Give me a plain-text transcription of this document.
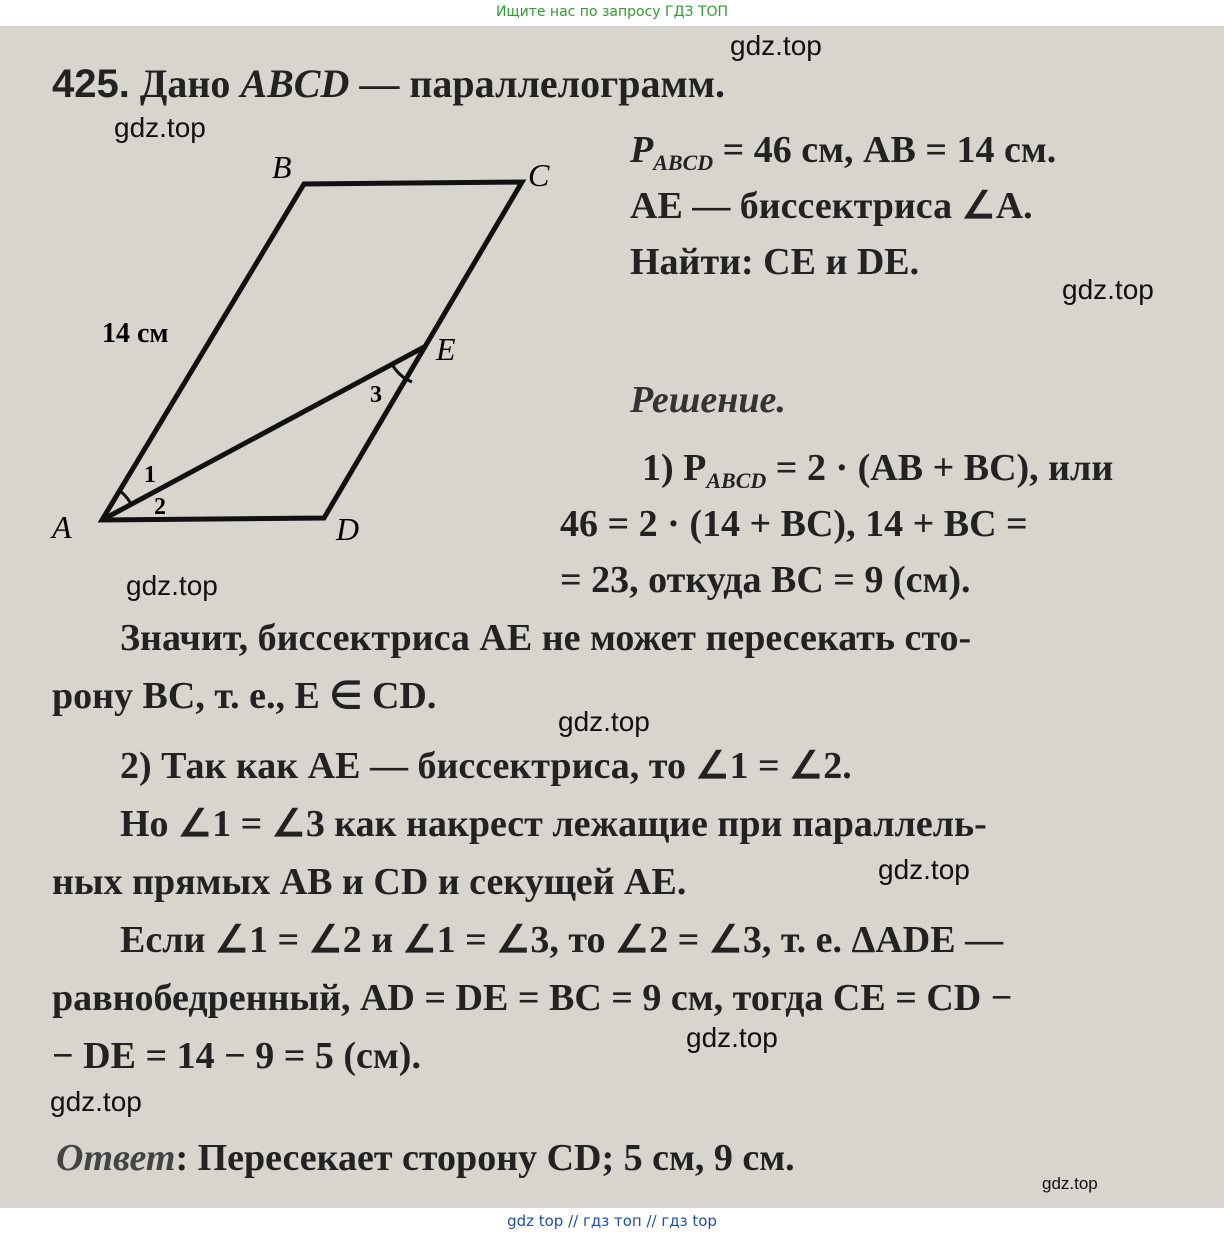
Ищите нас по запросу ГДЗ ТОП
425. Дано ABCD — параллелограмм.
$P_{ABCD} = 46$ см, AB = 14 см.
AE — биссектриса ∠A.
Найти: CE и DE.
A
B	C
D
E
14 см
1
2
3	Решение.
1) $P_{ABCD} = 2 \cdot (AB + BC)$, или
46 = 2 · (14 + BC), 14 + BC =
= 23, откуда BC = 9 (см).
Значит, биссектриса AE не может пересекать сто-
рону BC, т. е., E ∈ CD.
2) Так как AE — биссектриса, то ∠1 = ∠2.
Но ∠1 = ∠3 как накрест лежащие при параллель-
ных прямых AB и CD и секущей AE.
Если ∠1 = ∠2 и ∠1 = ∠3, то ∠2 = ∠3, т. е. ΔADE —
равнобедренный, AD = DE = BC = 9 см, тогда CE = CD −
− DE = 14 − 9 = 5 (см).
Ответ: Пересекает сторону CD; 5 см, 9 см.
gdz.top
gdz.top
gdz.top
gdz.top
gdz.top
gdz.top
gdz.top
gdz.top
gdz.top
gdz top // гдз топ // гдз top
